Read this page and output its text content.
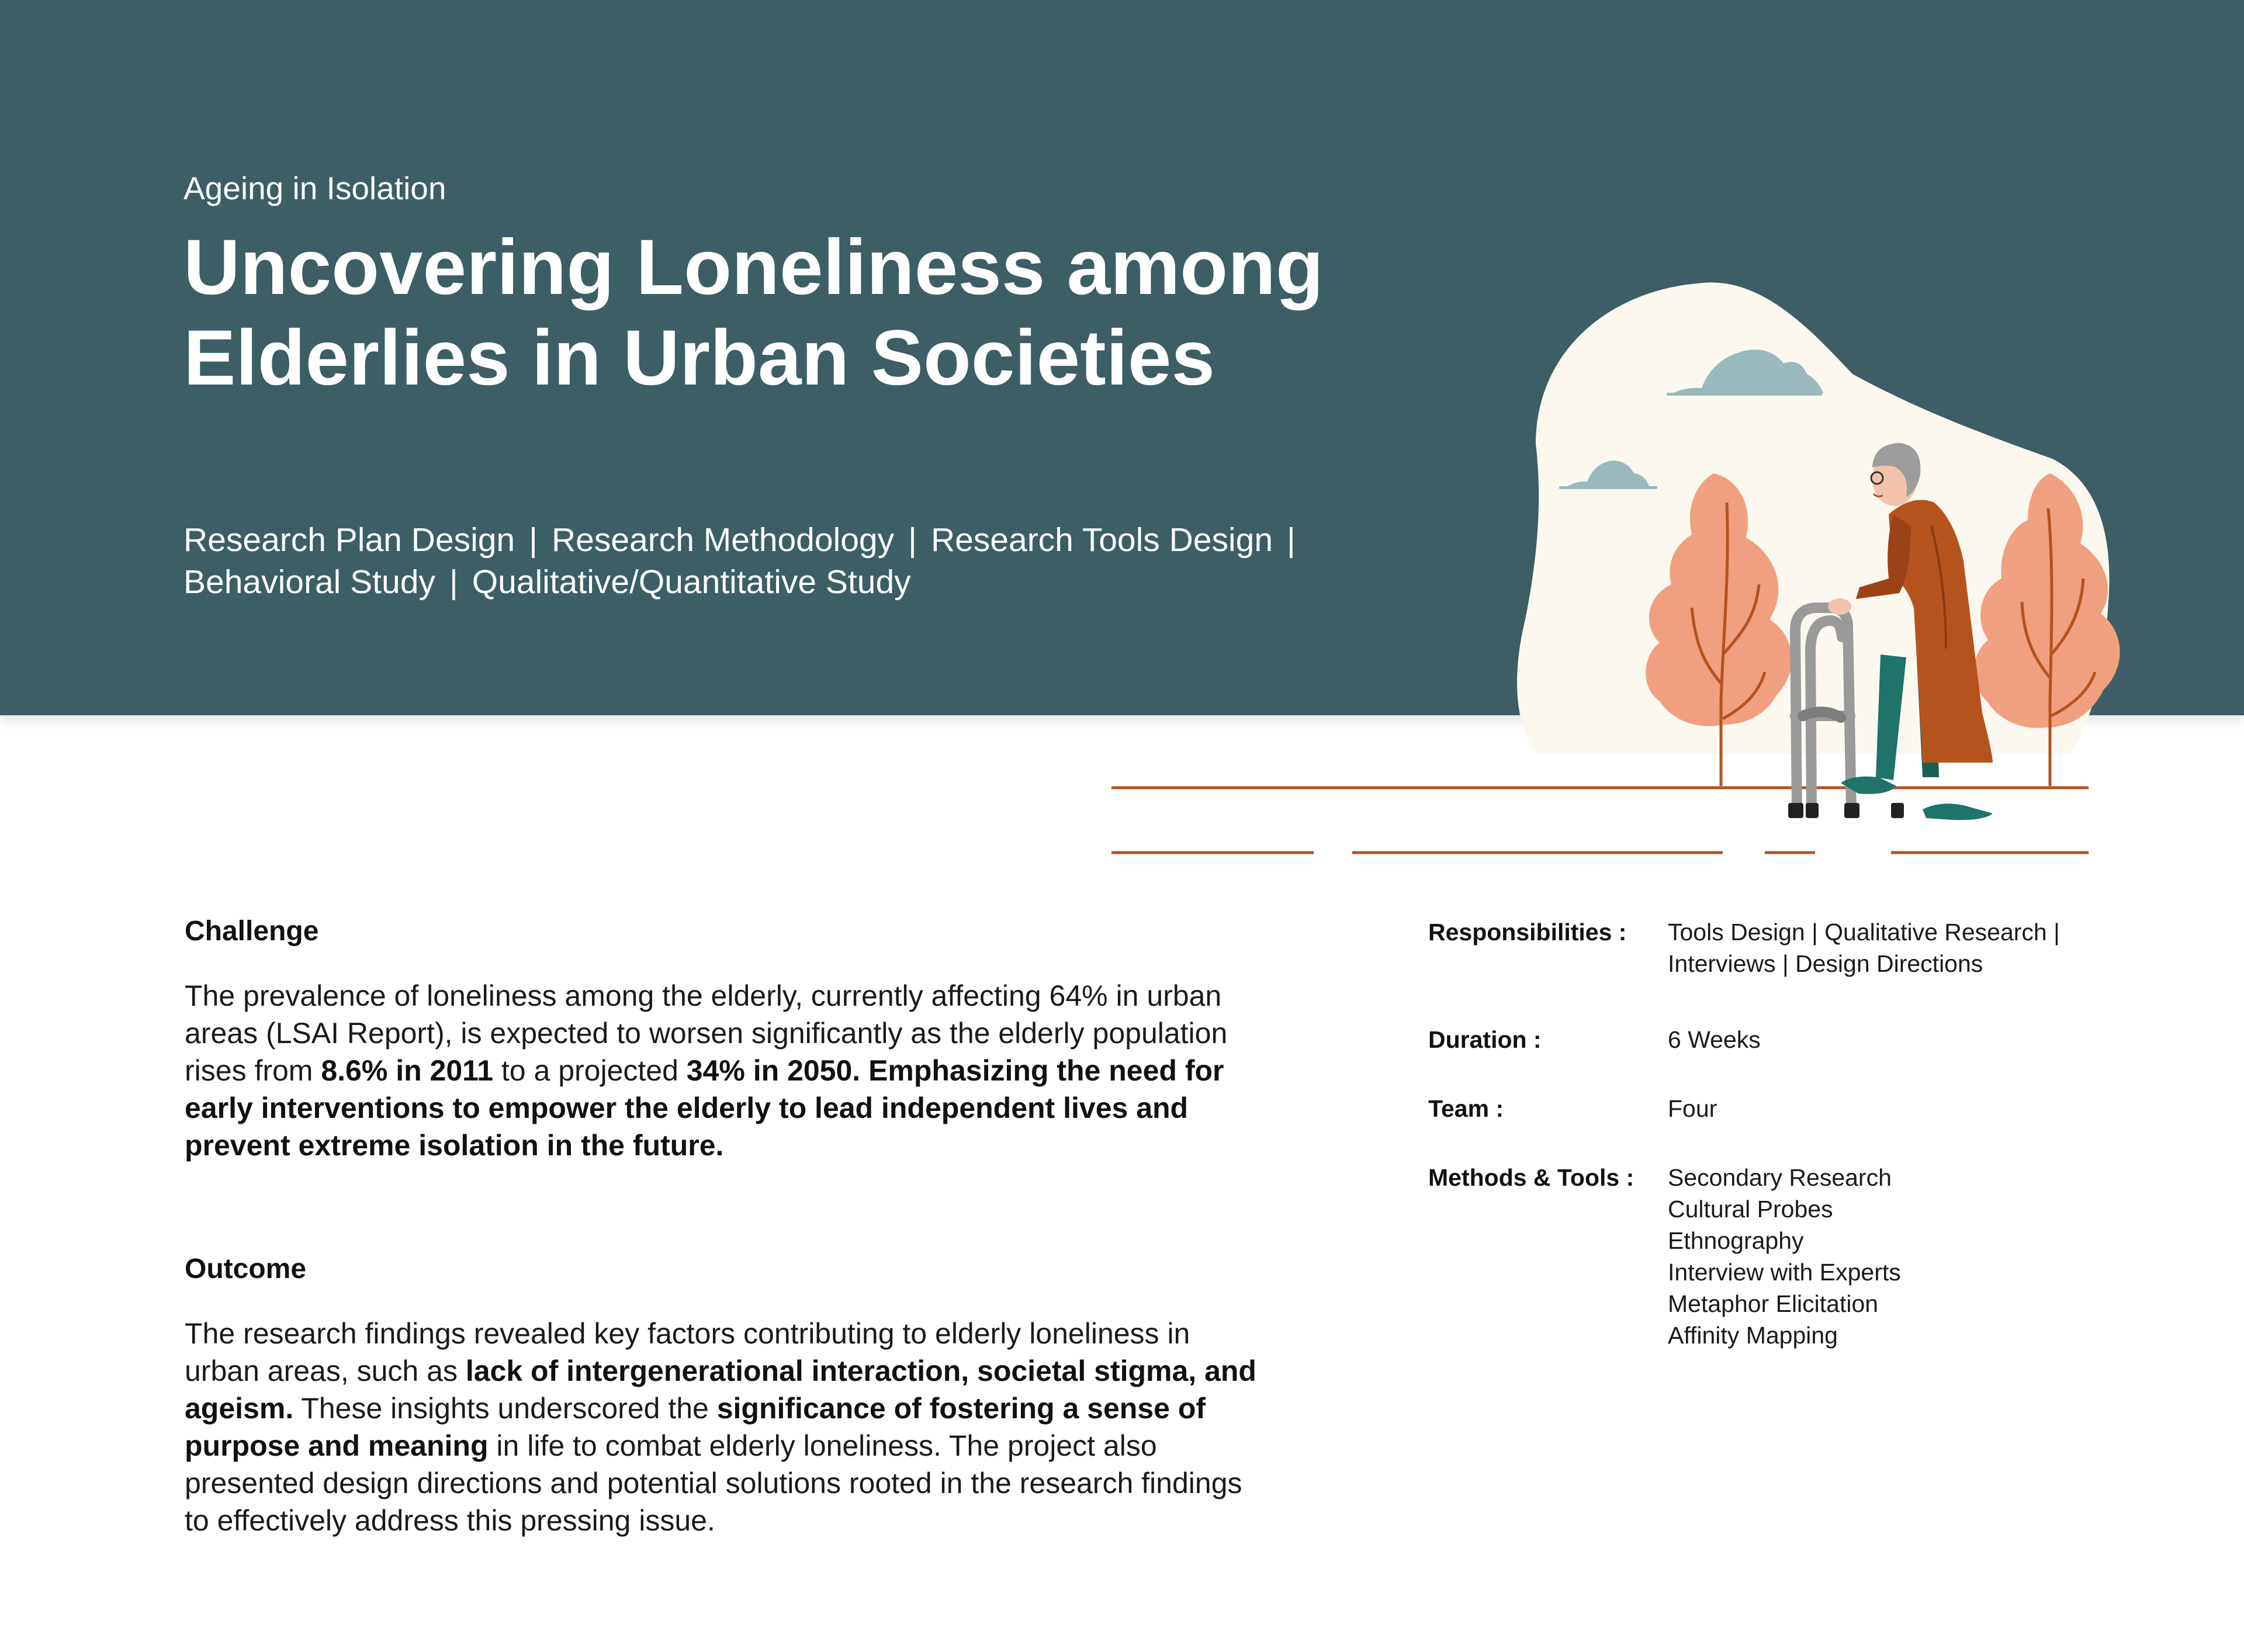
Ageing in Isolation
Uncovering Loneliness among
Elderlies in Urban Societies
Research Plan Design | Research Methodology | Research Tools Design |
Behavioral Study | Qualitative/Quantitative Study
Challenge
The prevalence of loneliness among the elderly, currently affecting 64% in urban areas (LSAI Report), is expected to worsen significantly as the elderly population rises from 8.6% in 2011 to a projected 34% in 2050. Emphasizing the need for early interventions to empower the elderly to lead independent lives and prevent extreme isolation in the future.
Outcome
The research findings revealed key factors contributing to elderly loneliness in urban areas, such as lack of intergenerational interaction, societal stigma, and ageism. These insights underscored the significance of fostering a sense of purpose and meaning in life to combat elderly loneliness. The project also presented design directions and potential solutions rooted in the research findings to effectively address this pressing issue.
Responsibilities :	Tools Design | Qualitative Research |
Interviews | Design Directions
Duration :	6 Weeks
Team :	Four
Methods & Tools :	Secondary Research
Cultural Probes
Ethnography
Interview with Experts
Metaphor Elicitation
Affinity Mapping
